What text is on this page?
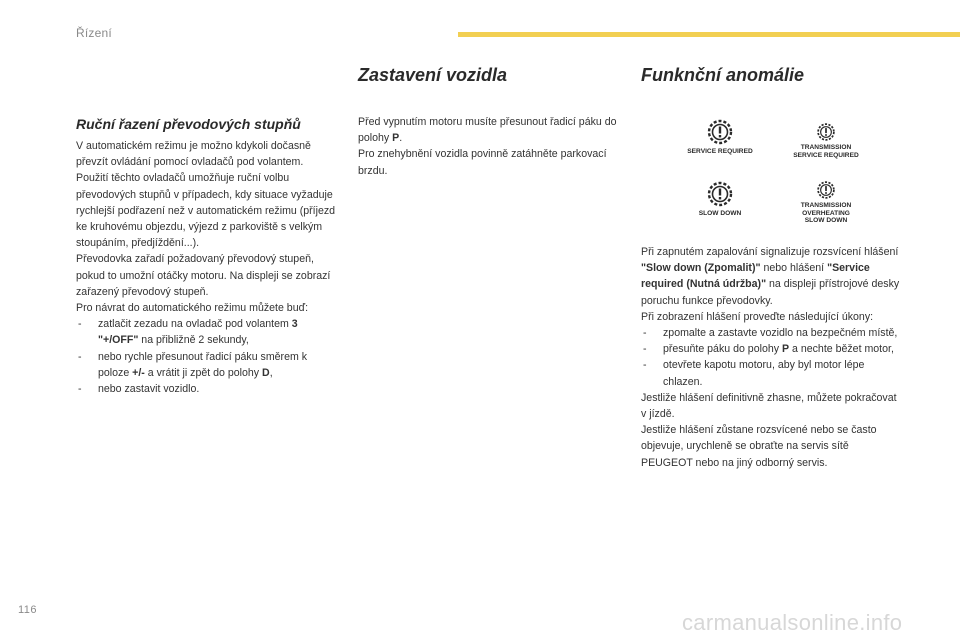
Řízení
Ruční řazení převodových stupňů

V automatickém režimu je možno kdykoli dočasně převzít ovládání pomocí ovladačů pod volantem.

Použití těchto ovladačů umožňuje ruční volbu převodových stupňů v případech, kdy situace vyžaduje rychlejší podřazení než v automatickém režimu (příjezd ke kruhovému objezdu, výjezd z parkoviště s velkým stoupáním, předjíždění...).

Převodovka zařadí požadovaný převodový stupeň, pokud to umožní otáčky motoru. Na displeji se zobrazí zařazený převodový stupeň.

Pro návrat do automatického režimu můžete buď:

- zatlačit zezadu na ovladač pod volantem 3 "+/OFF" na přibližně 2 sekundy,
- nebo rychle přesunout řadicí páku směrem k poloze +/- a vrátit ji zpět do polohy D,
- nebo zastavit vozidlo.
Zastavení vozidla

Před vypnutím motoru musíte přesunout řadicí páku do polohy P.

Pro znehybnění vozidla povinně zatáhněte parkovací brzdu.

Funknční anomálie
SERVICE REQUIRED
TRANSMISSION
SERVICE REQUIRED
SLOW DOWN
TRANSMISSION
OVERHEATING
SLOW DOWN

Při zapnutém zapalování signalizuje rozsvícení hlášení "Slow down (Zpomalit)" nebo hlášení "Service required (Nutná údržba)" na displeji přístrojové desky poruchu funkce převodovky.

Při zobrazení hlášení proveďte následující úkony:

- zpomalte a zastavte vozidlo na bezpečném místě,
- přesuňte páku do polohy P a nechte běžet motor,
- otevřete kapotu motoru, aby byl motor lépe chlazen.

Jestliže hlášení definitivně zhasne, můžete pokračovat v jízdě.

Jestliže hlášení zůstane rozsvícené nebo se často objevuje, urychleně se obraťte na servis sítě PEUGEOT nebo na jiný odborný servis.

116	carmanualsonline.info
